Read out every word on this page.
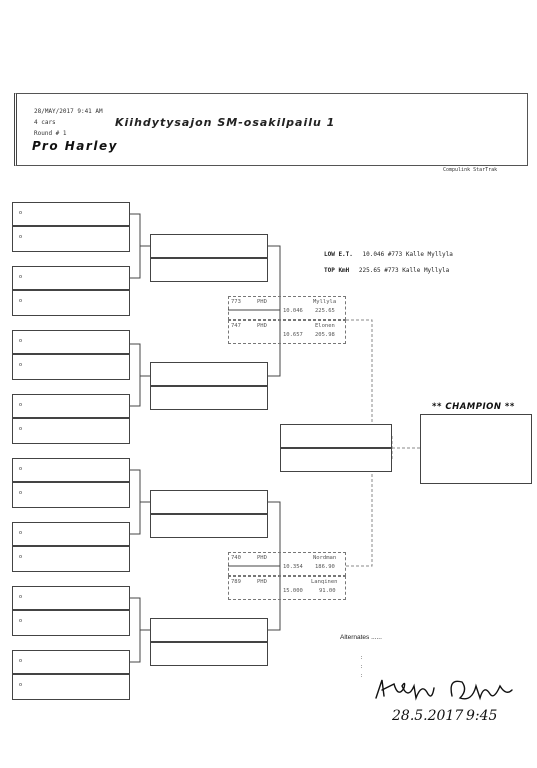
28/MAY/2017 9:41 AM
4 cars
Round # 1
Kiihdytysajon SM-osakilpailu 1
Pro Harley
Compulink StarTrak
o
o
o
o
o
o
o
o
o
o
o
o
o
o
o
o
773	PHD	Myllyla
10.046 225.65
747	PHD	Elonen
10.657 205.98
740	PHD	Nordman
10.354 186.90
789	PHD	Lanqinen
15.000	91.00
LOW E.T. 10.046 #773 Kalle Myllyla
TOP KmH 225.65 #773 Kalle Myllyla
** CHAMPION **
Alternates ......
:
:
:
28.5.2017 9:45
